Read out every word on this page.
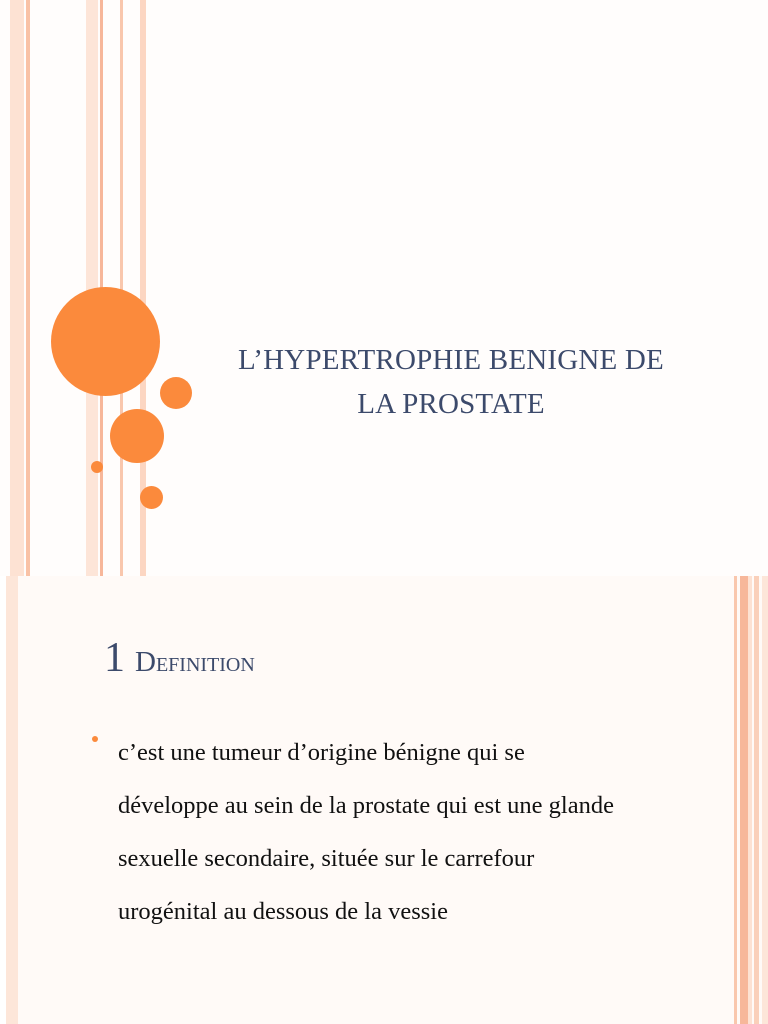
L’HYPERTROPHIE BENIGNE DE
LA PROSTATE
1 Definition
c’est une tumeur d’origine bénigne qui se
développe au sein de la prostate qui est une glande
sexuelle secondaire, située sur le carrefour
urogénital au dessous de la vessie
